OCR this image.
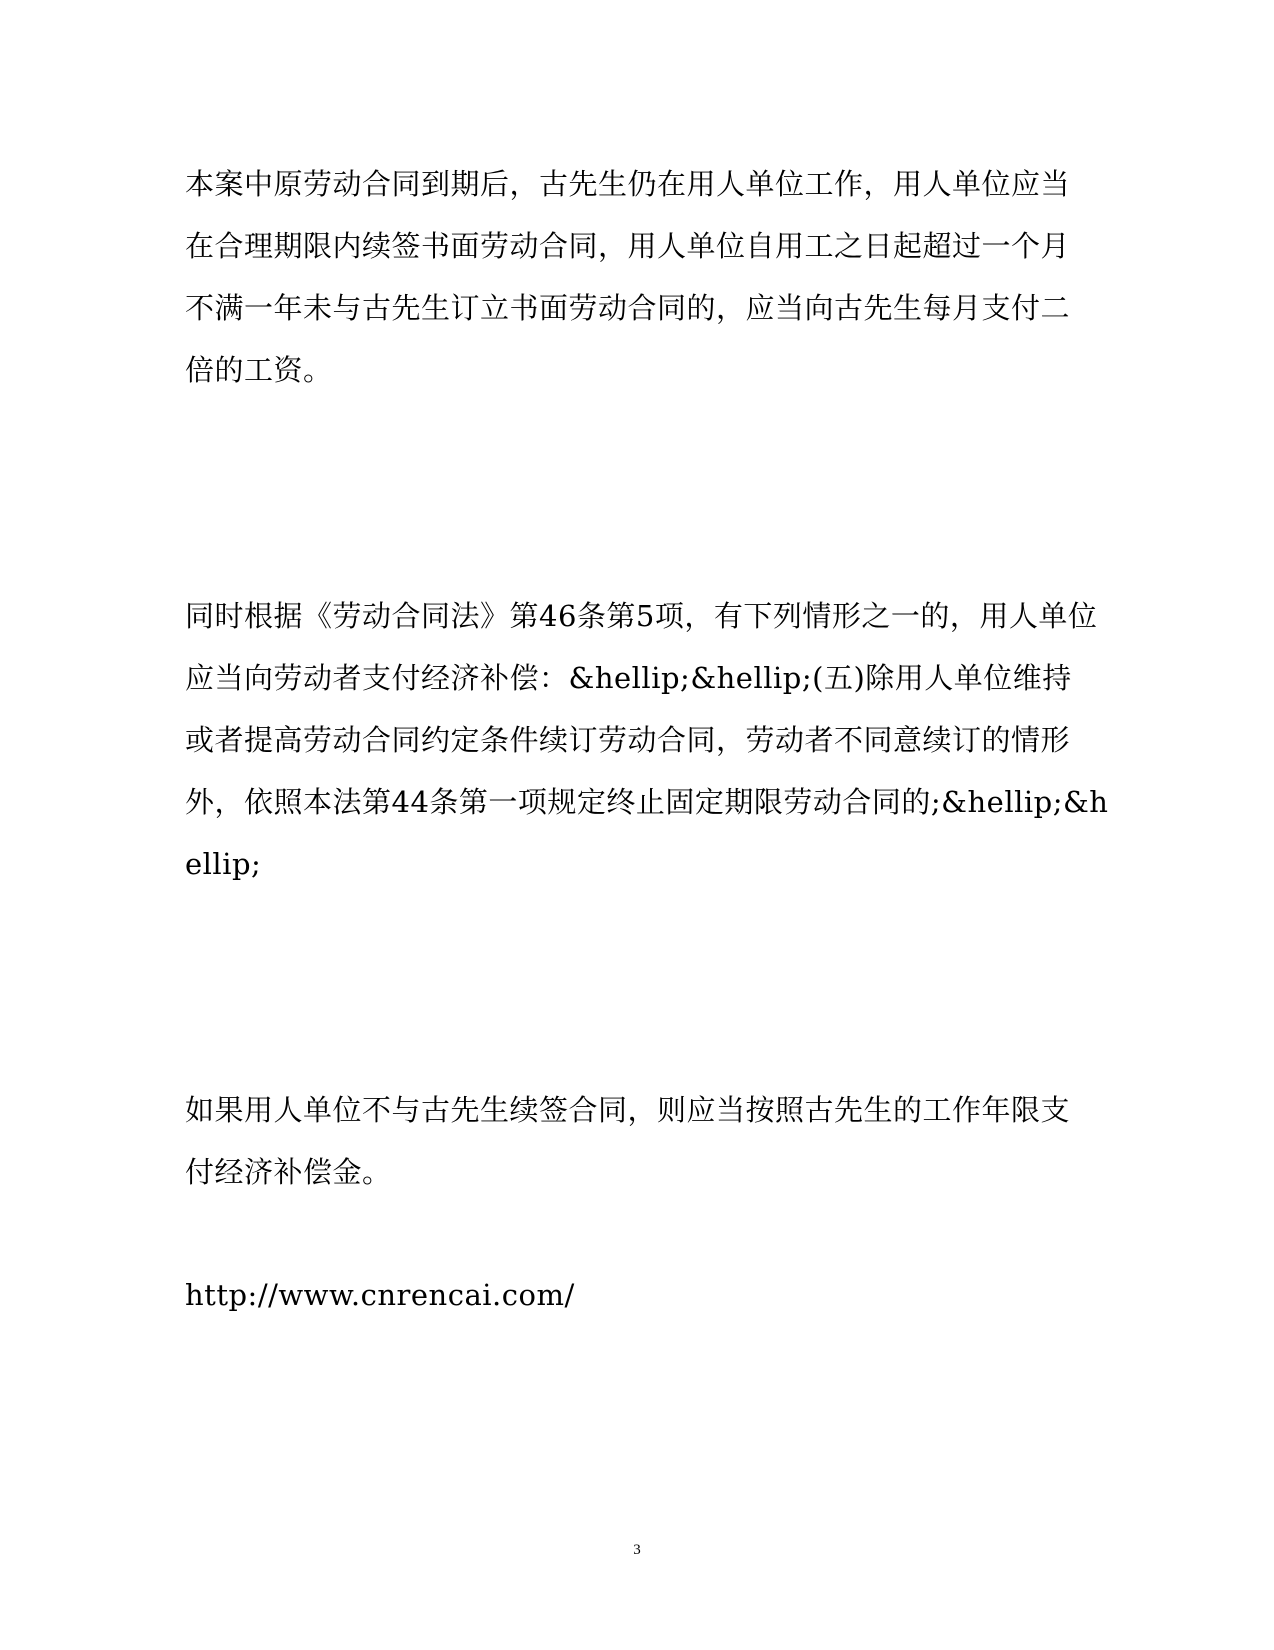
本案中原劳动合同到期后，古先生仍在用人单位工作，用人单位应当
在合理期限内续签书面劳动合同，用人单位自用工之日起超过一个月
不满一年未与古先生订立书面劳动合同的，应当向古先生每月支付二
倍的工资。
同时根据《劳动合同法》第46条第5项，有下列情形之一的，用人单位
应当向劳动者支付经济补偿：&hellip;&hellip;(五)除用人单位维持
或者提高劳动合同约定条件续订劳动合同，劳动者不同意续订的情形
外，依照本法第44条第一项规定终止固定期限劳动合同的;&hellip;&h
ellip;
如果用人单位不与古先生续签合同，则应当按照古先生的工作年限支
付经济补偿金。
http://www.cnrencai.com/
3
